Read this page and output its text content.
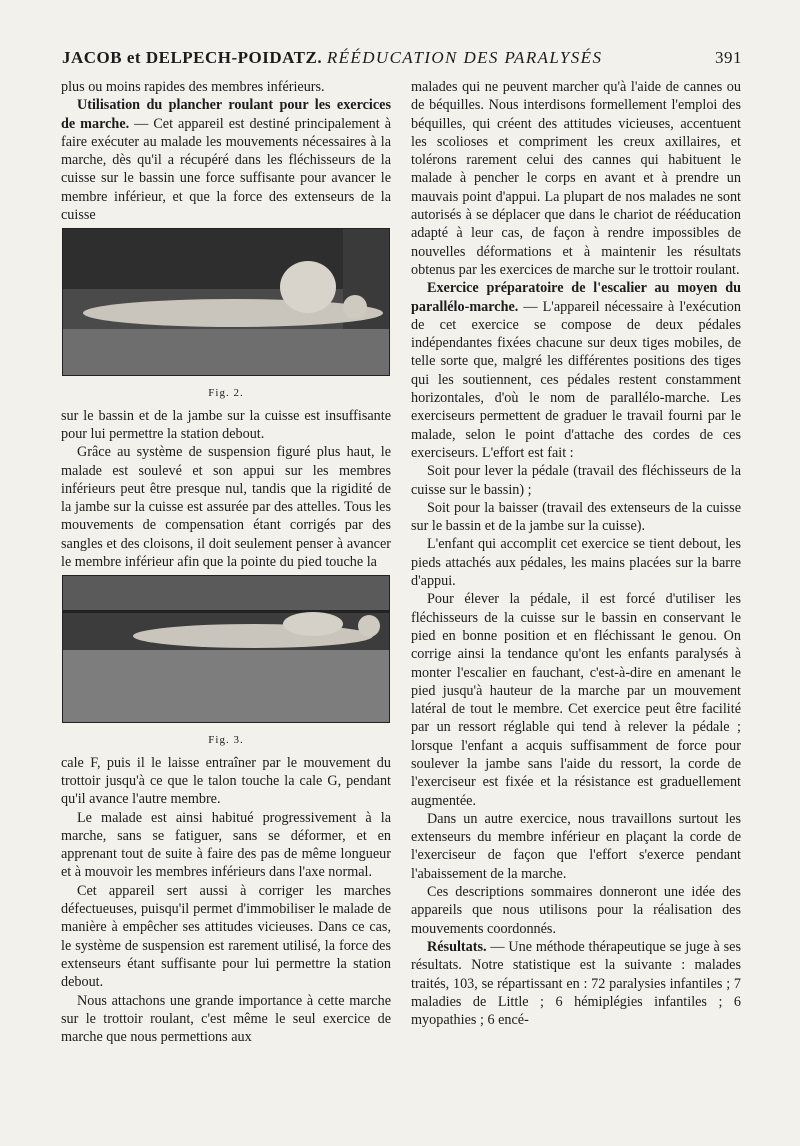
JACOB et DELPECH-POIDATZ. RÉÉDUCATION DES PARALYSÉS	391

plus ou moins rapides des membres inférieurs.

Utilisation du plancher roulant pour les exercices de marche. — Cet appareil est destiné principalement à faire exécuter au malade les mouvements nécessaires à la marche, dès qu'il a récupéré dans les fléchisseurs de la cuisse sur le bassin une force suffisante pour avancer le membre inférieur, et que la force des extenseurs de la cuisse

Fig. 2.

sur le bassin et de la jambe sur la cuisse est insuffisante pour lui permettre la station debout.

Grâce au système de suspension figuré plus haut, le malade est soulevé et son appui sur les membres inférieurs peut être presque nul, tandis que la rigidité de la jambe sur la cuisse est assurée par des attelles. Tous les mouvements de compensation étant corrigés par des sangles et des cloisons, il doit seulement penser à avancer le membre inférieur afin que la pointe du pied touche la

Fig. 3.

cale F, puis il le laisse entraîner par le mouvement du trottoir jusqu'à ce que le talon touche la cale G, pendant qu'il avance l'autre membre.

Le malade est ainsi habitué progressivement à la marche, sans se fatiguer, sans se déformer, et en apprenant tout de suite à faire des pas de même longueur et à mouvoir les membres inférieurs dans l'axe normal.

Cet appareil sert aussi à corriger les marches défectueuses, puisqu'il permet d'immobiliser le malade de manière à empêcher ses attitudes vicieuses. Dans ce cas, le système de suspension est rarement utilisé, la force des extenseurs étant suffisante pour lui permettre la station debout.

Nous attachons une grande importance à cette marche sur le trottoir roulant, c'est même le seul exercice de marche que nous permettions aux

malades qui ne peuvent marcher qu'à l'aide de cannes ou de béquilles. Nous interdisons formellement l'emploi des béquilles, qui créent des attitudes vicieuses, accentuent les scolioses et compriment les creux axillaires, et tolérons rarement celui des cannes qui habituent le malade à pencher le corps en avant et à prendre un mauvais point d'appui. La plupart de nos malades ne sont autorisés à se déplacer que dans le chariot de rééducation adapté à leur cas, de façon à rendre impossibles de nouvelles déformations et à maintenir les résultats obtenus par les exercices de marche sur le trottoir roulant.

Exercice préparatoire de l'escalier au moyen du parallélo-marche. — L'appareil nécessaire à l'exécution de cet exercice se compose de deux pédales indépendantes fixées chacune sur deux tiges mobiles, de telle sorte que, malgré les différentes positions des tiges qui les soutiennent, ces pédales restent constamment horizontales, d'où le nom de parallélo-marche. Les exerciseurs permettent de graduer le travail fourni par le malade, selon le point d'attache des cordes de ces exerciseurs. L'effort est fait :

Soit pour lever la pédale (travail des fléchisseurs de la cuisse sur le bassin) ;

Soit pour la baisser (travail des extenseurs de la cuisse sur le bassin et de la jambe sur la cuisse).

L'enfant qui accomplit cet exercice se tient debout, les pieds attachés aux pédales, les mains placées sur la barre d'appui.

Pour élever la pédale, il est forcé d'utiliser les fléchisseurs de la cuisse sur le bassin en conservant le pied en bonne position et en fléchissant le genou. On corrige ainsi la tendance qu'ont les enfants paralysés à monter l'escalier en fauchant, c'est-à-dire en amenant le pied jusqu'à hauteur de la marche par un mouvement latéral de tout le membre. Cet exercice peut être facilité par un ressort réglable qui tend à relever la pédale ; lorsque l'enfant a acquis suffisamment de force pour soulever la jambe sans l'aide du ressort, la corde de l'exerciseur est fixée et la résistance est graduellement augmentée.

Dans un autre exercice, nous travaillons surtout les extenseurs du membre inférieur en plaçant la corde de l'exerciseur de façon que l'effort s'exerce pendant l'abaissement de la marche.

Ces descriptions sommaires donneront une idée des appareils que nous utilisons pour la réalisation des mouvements coordonnés.

Résultats. — Une méthode thérapeutique se juge à ses résultats. Notre statistique est la suivante : malades traités, 103, se répartissant en : 72 paralysies infantiles ; 7 maladies de Little ; 6 hémiplégies infantiles ; 6 myopathies ; 6 encé-
